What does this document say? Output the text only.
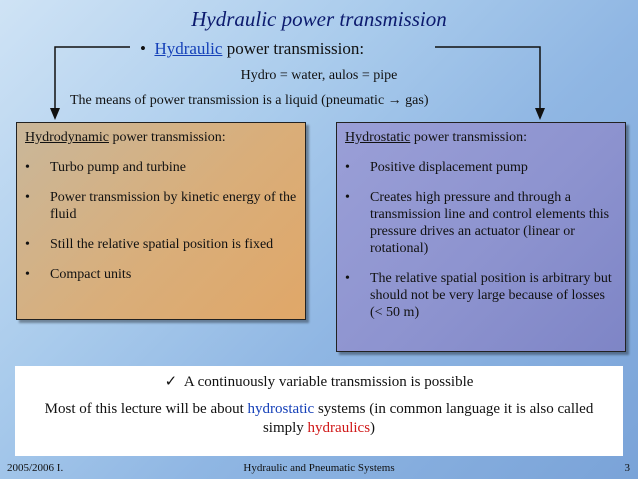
Hydraulic power transmission
• Hydraulic power transmission:
Hydro = water, aulos = pipe
The means of power transmission is a liquid (pneumatic → gas)
Hydrodynamic power transmission:
•	Turbo pump and turbine
•	Power transmission by kinetic energy of the fluid
•	Still the relative spatial position is fixed
•	Compact units
Hydrostatic power transmission:
•	Positive displacement pump
•	Creates high pressure and through a transmission line and control elements this pressure drives an actuator (linear or rotational)
•	The relative spatial position is arbitrary but should not be very large because of losses (< 50 m)
✓ A continuously variable transmission is possible
Most of this lecture will be about hydrostatic systems (in common language it is also called simply hydraulics)
2005/2006 I.	Hydraulic and Pneumatic Systems	3
